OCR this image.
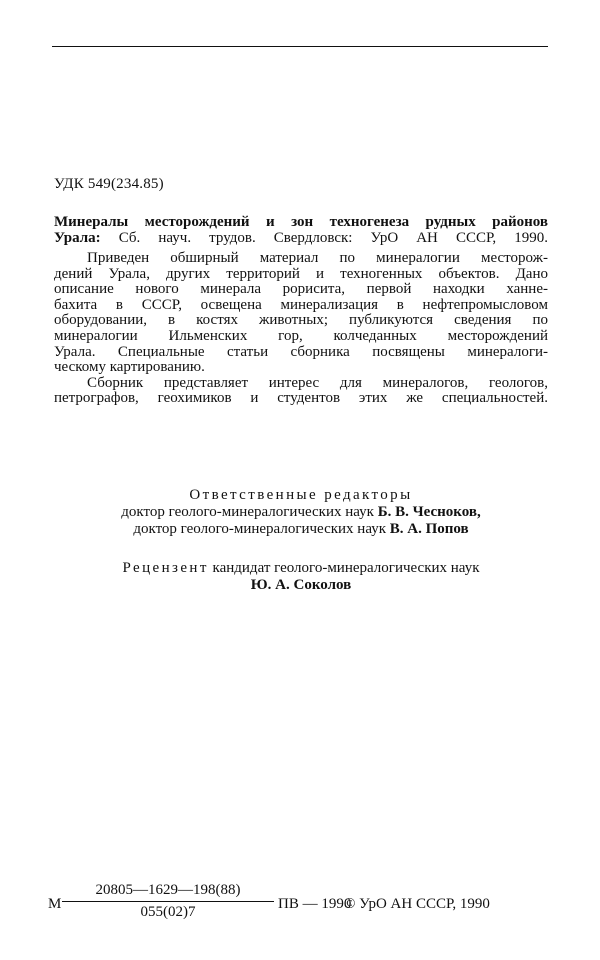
УДК 549(234.85)
Минералы месторождений и зон техногенеза рудных районов
Урала: Сб. науч. трудов. Свердловск: УрО АН СССР, 1990.
Приведен обширный материал по минералогии месторож-
дений Урала, других территорий и техногенных объектов. Дано
описание нового минерала рорисита, первой находки ханне-
бахита в СССР, освещена минерализация в нефтепромысловом
оборудовании, в костях животных; публикуются сведения по
минералогии Ильменских гор, колчеданных месторождений
Урала. Специальные статьи сборника посвящены минералоги-
ческому картированию.
Сборник представляет интерес для минералогов, геологов,
петрографов, геохимиков и студентов этих же специальностей.
Ответственные редакторы
доктор геолого-минералогических наук Б. В. Чесноков,
доктор геолого-минералогических наук В. А. Попов
Рецензент кандидат геолого-минералогических наук
Ю. А. Соколов
М $\frac{20805—1629—198(88)}{055(02)7}$ ПВ — 1990
© УрО АН СССР, 1990
